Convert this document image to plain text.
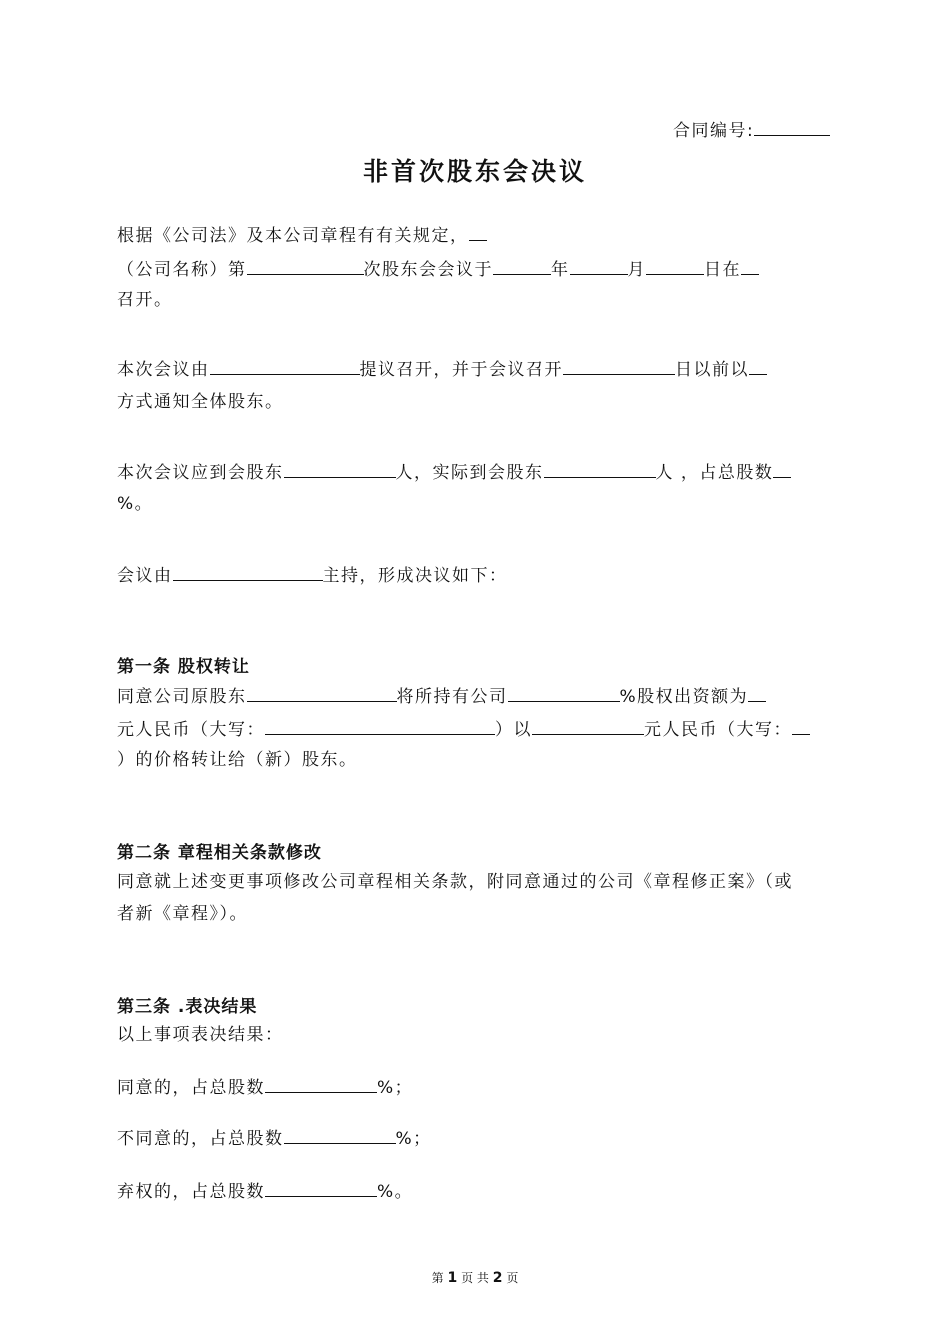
合同编号:
非首次股东会决议
根据《公司法》及本公司章程有有关规定，
（公司名称）第	次股东会会议于	年	月	日在
召开。
本次会议由	提议召开，并于会议召开	日以前以
方式通知全体股东。
本次会议应到会股东	人，实际到会股东	人 ，占总股数
%。
会议由	主持，形成决议如下：
第一条 股权转让
同意公司原股东	将所持有公司	%股权出资额为
元人民币（大写：	）以	元人民币（大写：
）的价格转让给（新）股东。
第二条 章程相关条款修改
同意就上述变更事项修改公司章程相关条款，附同意通过的公司《章程修正案》（或
者新《章程》）。
第三条 .表决结果
以上事项表决结果：
同意的，占总股数	%；
不同意的，占总股数	%；
弃权的，占总股数	%。
第 1 页 共 2 页
